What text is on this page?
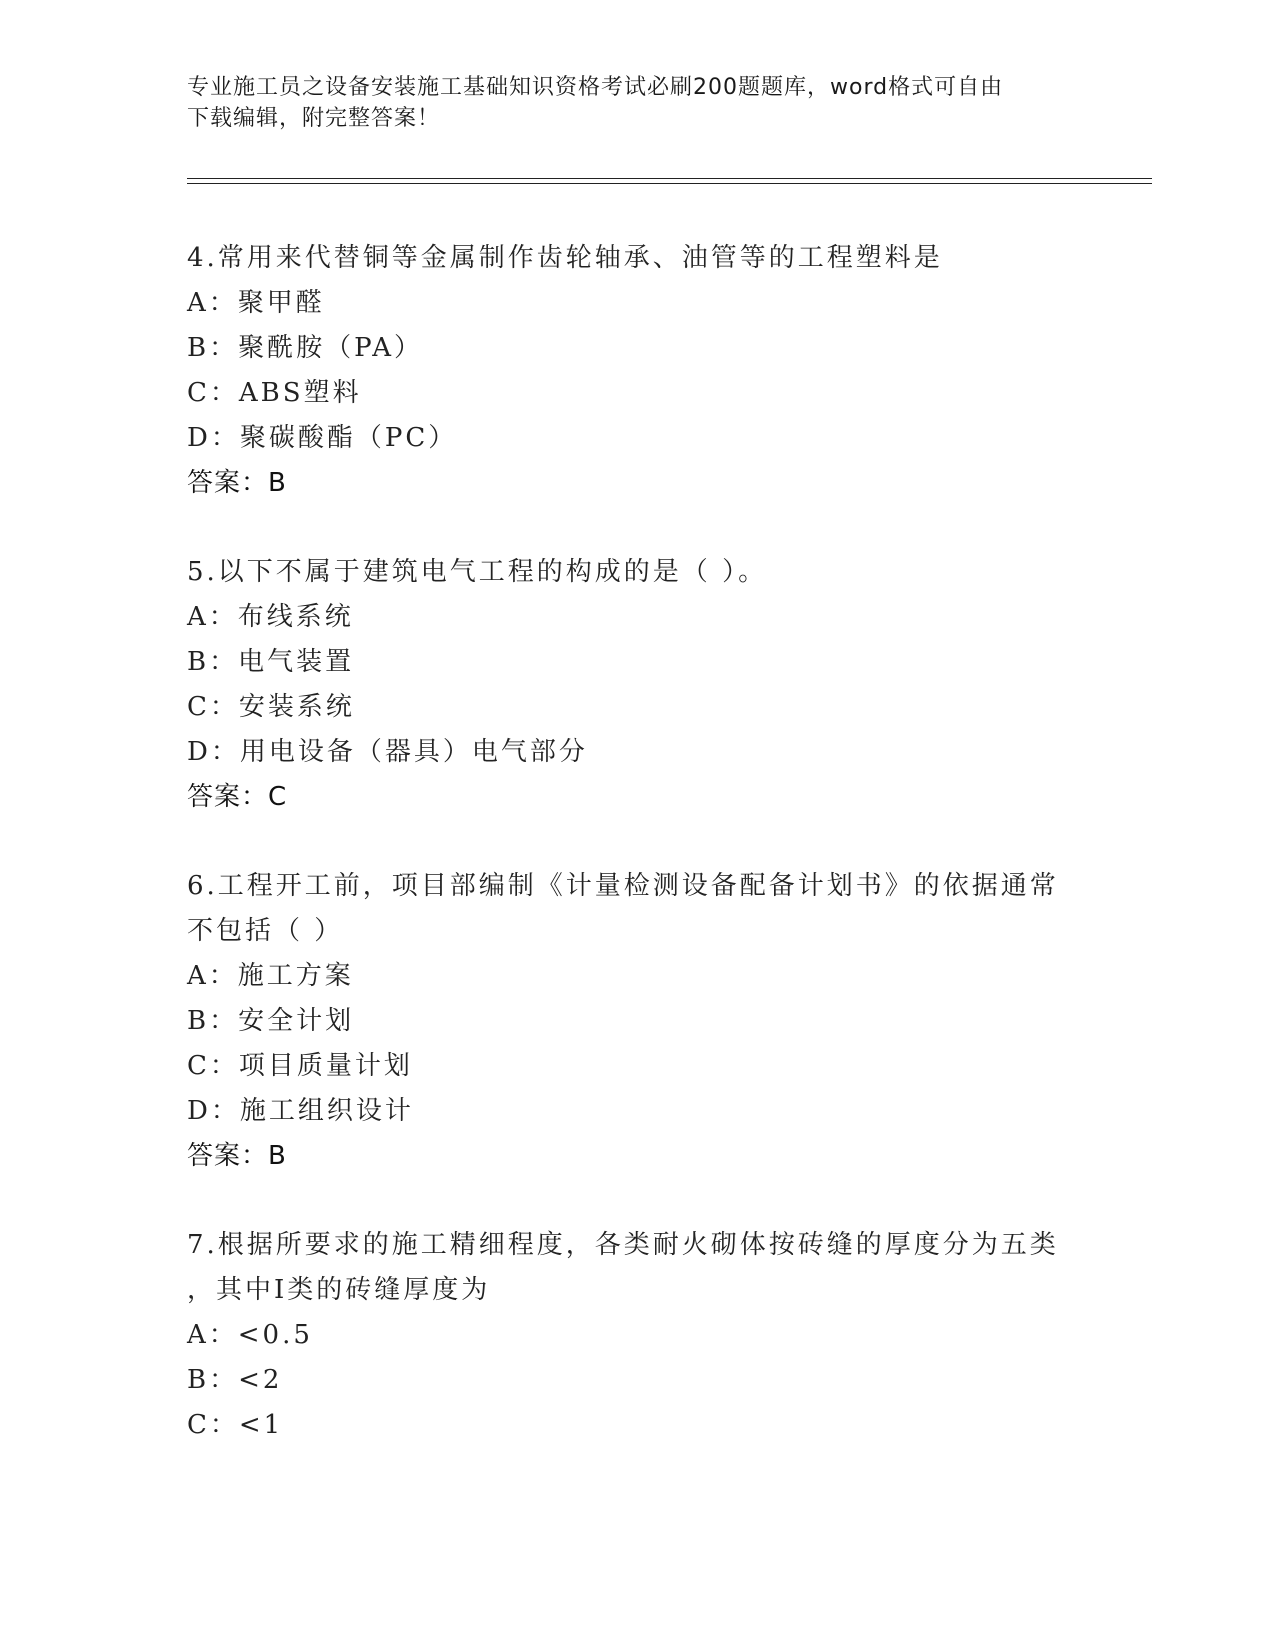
专业施工员之设备安装施工基础知识资格考试必刷200题题库，word格式可自由
下载编辑，附完整答案！

4.常用来代替铜等金属制作齿轮轴承、油管等的工程塑料是

A：聚甲醛

B：聚酰胺（PA）

C：ABS塑料

D：聚碳酸酯（PC）

答案：B

5.以下不属于建筑电气工程的构成的是（ ）。

A：布线系统

B：电气装置

C：安装系统

D：用电设备（器具）电气部分

答案：C

6.工程开工前，项目部编制《计量检测设备配备计划书》的依据通常

不包括（ ）

A：施工方案

B：安全计划

C：项目质量计划

D：施工组织设计

答案：B

7.根据所要求的施工精细程度，各类耐火砌体按砖缝的厚度分为五类

，其中Ⅰ类的砖缝厚度为

A：<0.5

B：<2

C：<1
